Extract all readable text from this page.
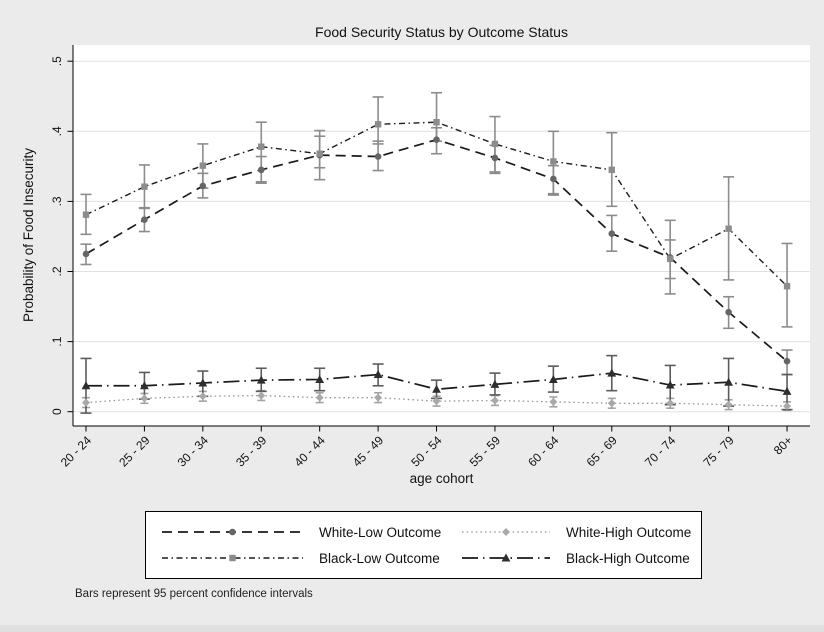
Food Security Status by Outcome Status
0
.1
.2
.3
.4
.5
20 - 24 25 - 29 30 - 34 35 - 39 40 - 44 45 - 49 50 - 54 55 - 59 60 - 64 65 - 69 70 - 74 75 - 79	80+
age cohort
Probability of Food Insecurity
White-Low Outcome	White-High Outcome
Black-Low Outcome	Black-High Outcome
Bars represent 95 percent confidence intervals
